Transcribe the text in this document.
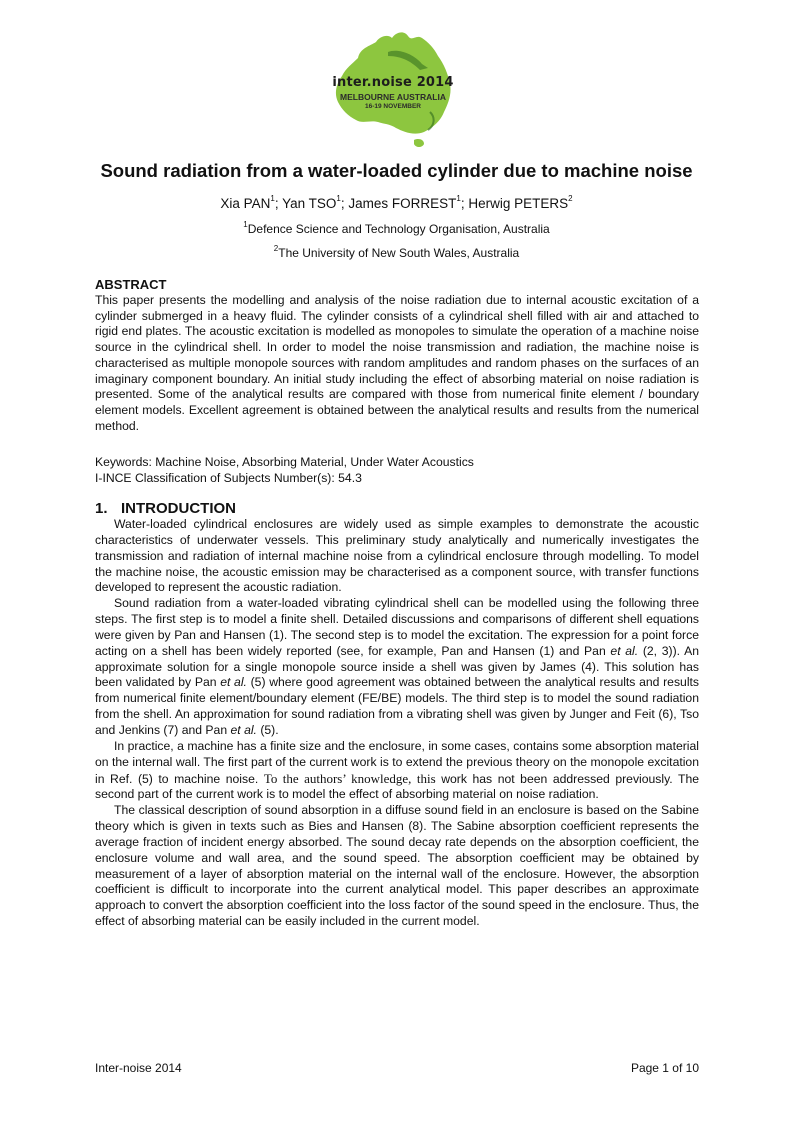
inter.noise 2014
MELBOURNE AUSTRALIA
16-19 NOVEMBER
Sound radiation from a water-loaded cylinder due to machine noise
Xia PAN$^1$; Yan TSO$^1$; James FORREST$^1$; Herwig PETERS$^2$
$^1$Defence Science and Technology Organisation, Australia
$^2$The University of New South Wales, Australia
ABSTRACT
This paper presents the modelling and analysis of the noise radiation due to internal acoustic excitation of a cylinder submerged in a heavy fluid. The cylinder consists of a cylindrical shell filled with air and attached to rigid end plates. The acoustic excitation is modelled as monopoles to simulate the operation of a machine noise source in the cylindrical shell. In order to model the noise transmission and radiation, the machine noise is characterised as multiple monopole sources with random amplitudes and random phases on the surfaces of an imaginary component boundary. An initial study including the effect of absorbing material on noise radiation is presented. Some of the analytical results are compared with those from numerical finite element / boundary element models. Excellent agreement is obtained between the analytical results and results from the numerical method.
Keywords: Machine Noise, Absorbing Material, Under Water Acoustics
I-INCE Classification of Subjects Number(s): 54.3
1. INTRODUCTION

Water-loaded cylindrical enclosures are widely used as simple examples to demonstrate the acoustic characteristics of underwater vessels. This preliminary study analytically and numerically investigates the transmission and radiation of internal machine noise from a cylindrical enclosure through modelling. To model the machine noise, the acoustic emission may be characterised as a component source, with transfer functions developed to represent the acoustic radiation.

Sound radiation from a water-loaded vibrating cylindrical shell can be modelled using the following three steps. The first step is to model a finite shell. Detailed discussions and comparisons of different shell equations were given by Pan and Hansen (1). The second step is to model the excitation. The expression for a point force acting on a shell has been widely reported (see, for example, Pan and Hansen (1) and Pan et al. (2, 3)). An approximate solution for a single monopole source inside a shell was given by James (4). This solution has been validated by Pan et al. (5) where good agreement was obtained between the analytical results and results from numerical finite element/boundary element (FE/BE) models. The third step is to model the sound radiation from the shell. An approximation for sound radiation from a vibrating shell was given by Junger and Feit (6), Tso and Jenkins (7) and Pan et al. (5).

In practice, a machine has a finite size and the enclosure, in some cases, contains some absorption material on the internal wall. The first part of the current work is to extend the previous theory on the monopole excitation in Ref. (5) to machine noise. To the authors’ knowledge, this work has not been addressed previously. The second part of the current work is to model the effect of absorbing material on noise radiation.

The classical description of sound absorption in a diffuse sound field in an enclosure is based on the Sabine theory which is given in texts such as Bies and Hansen (8). The Sabine absorption coefficient represents the average fraction of incident energy absorbed. The sound decay rate depends on the absorption coefficient, the enclosure volume and wall area, and the sound speed. The absorption coefficient may be obtained by measurement of a layer of absorption material on the internal wall of the enclosure. However, the absorption coefficient is difficult to incorporate into the current analytical model. This paper describes an approximate approach to convert the absorption coefficient into the loss factor of the sound speed in the enclosure. Thus, the effect of absorbing material can be easily included in the current model.

Inter-noise 2014	Page 1 of 10
